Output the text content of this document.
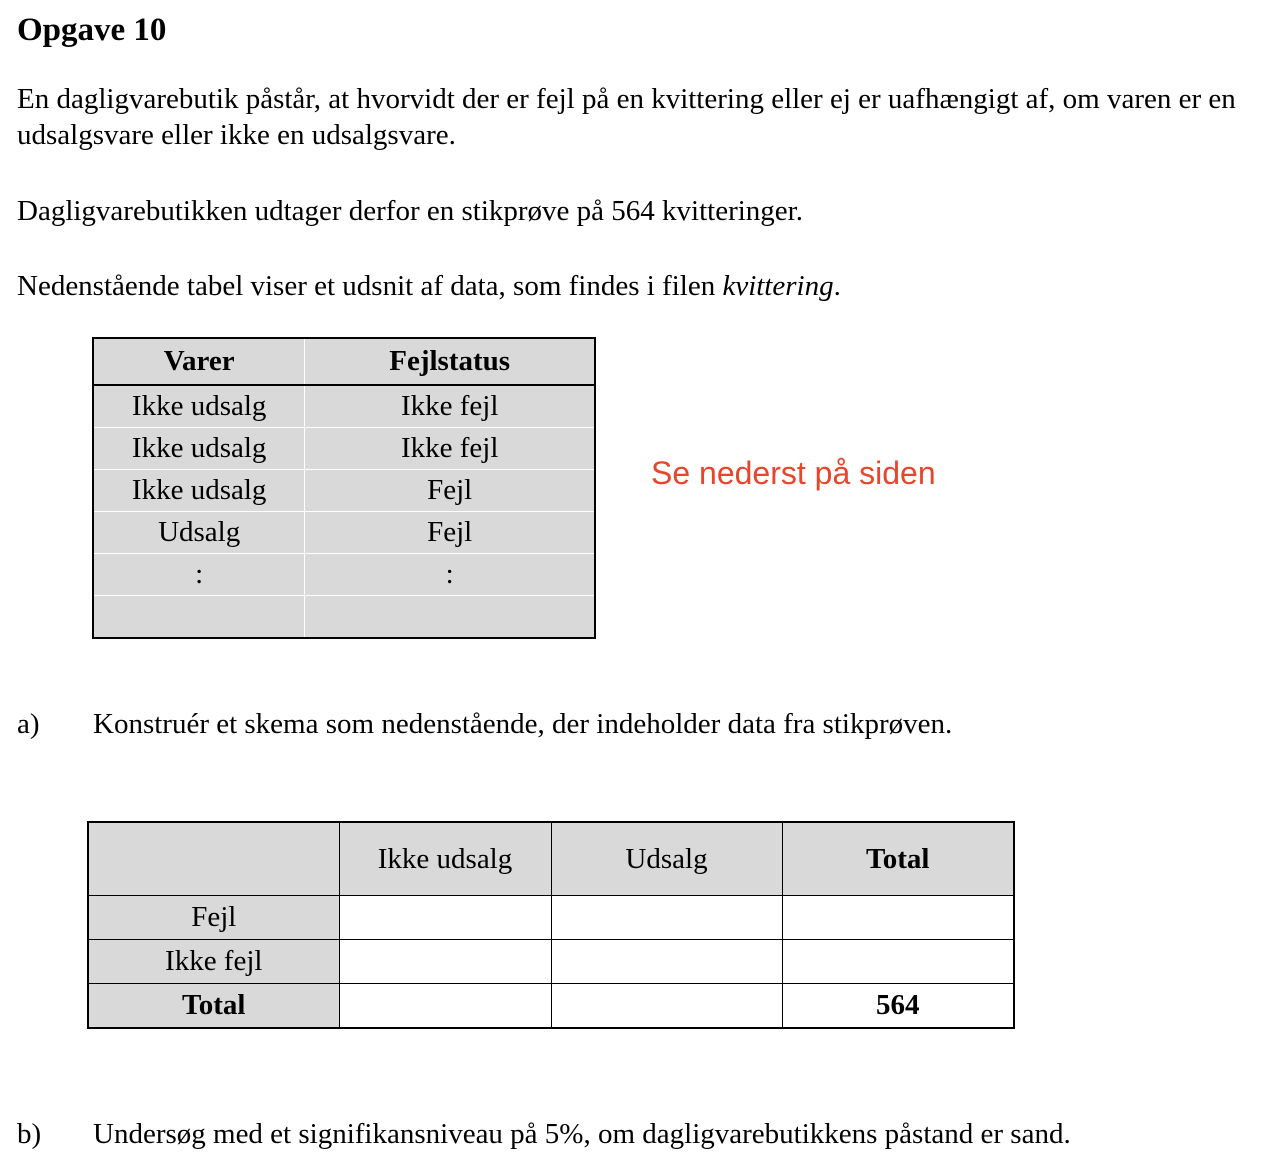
Opgave 10

En dagligvarebutik påstår, at hvorvidt der er fejl på en kvittering eller ej er uafhængigt af, om varen er en udsalgsvare eller ikke en udsalgsvare.

Dagligvarebutikken udtager derfor en stikprøve på 564 kvitteringer.

Nedenstående tabel viser et udsnit af data, som findes i filen kvittering.

Varer	Fejlstatus
Ikke udsalg	Ikke fejl
Ikke udsalg	Ikke fejl
Ikke udsalg	Fejl
Udsalg	Fejl
:	:

Se nederst på siden

a) Konstruér et skema som nedenstående, der indeholder data fra stikprøven.

	Ikke udsalg	Udsalg	Total
Fejl			
Ikke fejl			
Total			564

b) Undersøg med et signifikansniveau på 5%, om dagligvarebutikkens påstand er sand.
